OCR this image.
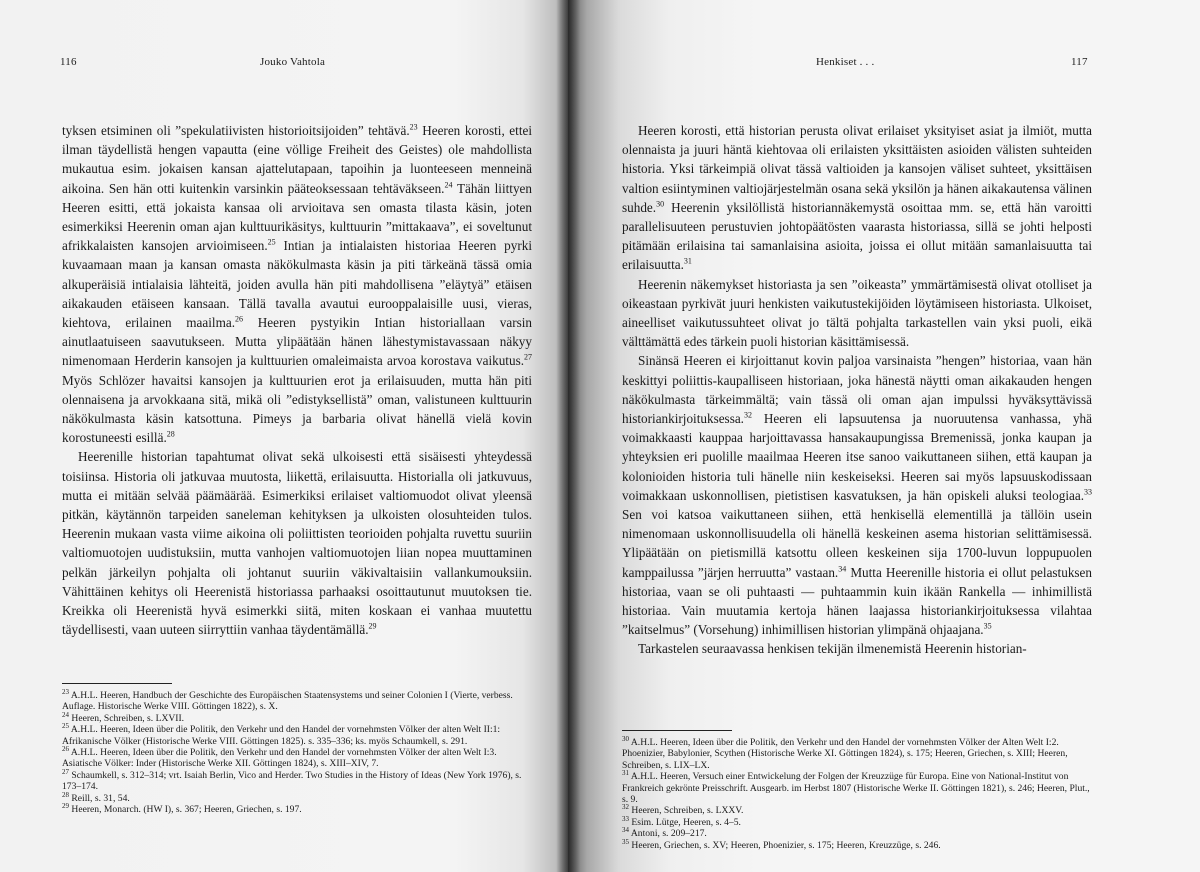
116	Jouko Vahtola

tyksen etsiminen oli ”spekulatiivisten historioitsijoiden” tehtävä.$^{23}$ Heeren korosti, ettei ilman täydellistä hengen vapautta (eine völlige Freiheit des Geistes) ole mahdollista mukautua esim. jokaisen kansan ajattelutapaan, tapoihin ja luonteeseen menneinä aikoina. Sen hän otti kuitenkin varsinkin pääteoksessaan tehtäväkseen.$^{24}$ Tähän liittyen Heeren esitti, että jokaista kansaa oli arvioitava sen omasta tilasta käsin, joten esimerkiksi Heerenin oman ajan kulttuurikäsitys, kulttuurin ”mittakaava”, ei soveltunut afrikkalaisten kansojen arvioimiseen.$^{25}$ Intian ja intialaisten historiaa Heeren pyrki kuvaamaan maan ja kansan omasta näkökulmasta käsin ja piti tärkeänä tässä omia alkuperäisiä intialaisia lähteitä, joiden avulla hän piti mahdollisena ”eläytyä” etäisen aikakauden etäiseen kansaan. Tällä tavalla avautui eurooppalaisille uusi, vieras, kiehtova, erilainen maailma.$^{26}$ Heeren pystyikin Intian historiallaan varsin ainutlaatuiseen saavutukseen. Mutta ylipäätään hänen lähestymistavassaan näkyy nimenomaan Herderin kansojen ja kulttuurien omaleimaista arvoa korostava vaikutus.$^{27}$ Myös Schlözer havaitsi kansojen ja kulttuurien erot ja erilaisuuden, mutta hän piti olennaisena ja arvokkaana sitä, mikä oli ”edistyksellistä” oman, valistuneen kulttuurin näkökulmasta käsin katsottuna. Pimeys ja barbaria olivat hänellä vielä kovin korostuneesti esillä.$^{28}$

Heerenille historian tapahtumat olivat sekä ulkoisesti että sisäisesti yhteydessä toisiinsa. Historia oli jatkuvaa muutosta, liikettä, erilaisuutta. Historialla oli jatkuvuus, mutta ei mitään selvää päämäärää. Esimerkiksi erilaiset valtiomuodot olivat yleensä pitkän, käytännön tarpeiden saneleman kehityksen ja ulkoisten olosuhteiden tulos. Heerenin mukaan vasta viime aikoina oli poliittisten teorioiden pohjalta ruvettu suuriin valtiomuotojen uudistuksiin, mutta vanhojen valtiomuotojen liian nopea muuttaminen pelkän järkeilyn pohjalta oli johtanut suuriin väkivaltaisiin vallankumouksiin. Vähittäinen kehitys oli Heerenistä historiassa parhaaksi osoittautunut muutoksen tie. Kreikka oli Heerenistä hyvä esimerkki siitä, miten koskaan ei vanhaa muutettu täydellisesti, vaan uuteen siirryttiin vanhaa täydentämällä.$^{29}$

$^{23}$ A.H.L. Heeren, Handbuch der Geschichte des Europäischen Staatensystems und seiner Colonien I (Vierte, verbess. Auflage. Historische Werke VIII. Göttingen 1822), s. X.

$^{24}$ Heeren, Schreiben, s. LXVII.

$^{25}$ A.H.L. Heeren, Ideen über die Politik, den Verkehr und den Handel der vornehmsten Völker der alten Welt II:1: Afrikanische Völker (Historische Werke VIII. Göttingen 1825). s. 335–336; ks. myös Schaumkell, s. 291.

$^{26}$ A.H.L. Heeren, Ideen über die Politik, den Verkehr und den Handel der vornehmsten Völker der alten Welt I:3. Asiatische Völker: Inder (Historische Werke XII. Göttingen 1824), s. XIII–XIV, 7.

$^{27}$ Schaumkell, s. 312–314; vrt. Isaiah Berlin, Vico and Herder. Two Studies in the History of Ideas (New York 1976), s. 173–174.

$^{28}$ Reill, s. 31, 54.

$^{29}$ Heeren, Monarch. (HW I), s. 367; Heeren, Griechen, s. 197.

Henkiset . . .	117

Heeren korosti, että historian perusta olivat erilaiset yksityiset asiat ja ilmiöt, mutta olennaista ja juuri häntä kiehtovaa oli erilaisten yksittäisten asioiden välisten suhteiden historia. Yksi tärkeimpiä olivat tässä valtioiden ja kansojen väliset suhteet, yksittäisen valtion esiintyminen valtiojärjestelmän osana sekä yksilön ja hänen aikakautensa välinen suhde.$^{30}$ Heerenin yksilöllistä historiannäkemystä osoittaa mm. se, että hän varoitti parallelisuuteen perustuvien johtopäätösten vaarasta historiassa, sillä se johti helposti pitämään erilaisina tai samanlaisina asioita, joissa ei ollut mitään samanlaisuutta tai erilaisuutta.$^{31}$

Heerenin näkemykset historiasta ja sen ”oikeasta” ymmärtämisestä olivat otolliset ja oikeastaan pyrkivät juuri henkisten vaikutustekijöiden löytämiseen historiasta. Ulkoiset, aineelliset vaikutussuhteet olivat jo tältä pohjalta tarkastellen vain yksi puoli, eikä välttämättä edes tärkein puoli historian käsittämisessä.

Sinänsä Heeren ei kirjoittanut kovin paljoa varsinaista ”hengen” historiaa, vaan hän keskittyi poliittis-kaupalliseen historiaan, joka hänestä näytti oman aikakauden hengen näkökulmasta tärkeimmältä; vain tässä oli oman ajan impulssi hyväksyttävissä historiankirjoituksessa.$^{32}$ Heeren eli lapsuutensa ja nuoruutensa vanhassa, yhä voimakkaasti kauppaa harjoittavassa hansakaupungissa Bremenissä, jonka kaupan ja yhteyksien eri puolille maailmaa Heeren itse sanoo vaikuttaneen siihen, että kaupan ja kolonioiden historia tuli hänelle niin keskeiseksi. Heeren sai myös lapsuuskodissaan voimakkaan uskonnollisen, pietistisen kasvatuksen, ja hän opiskeli aluksi teologiaa.$^{33}$ Sen voi katsoa vaikuttaneen siihen, että henkisellä elementillä ja tällöin usein nimenomaan uskonnollisuudella oli hänellä keskeinen asema historian selittämisessä. Ylipäätään on pietismillä katsottu olleen keskeinen sija 1700-luvun loppupuolen kamppailussa ”järjen herruutta” vastaan.$^{34}$ Mutta Heerenille historia ei ollut pelastuksen historiaa, vaan se oli puhtaasti — puhtaammin kuin ikään Rankella — inhimillistä historiaa. Vain muutamia kertoja hänen laajassa historiankirjoituksessa vilahtaa ”kaitselmus” (Vorsehung) inhimillisen historian ylimpänä ohjaajana.$^{35}$

Tarkastelen seuraavassa henkisen tekijän ilmenemistä Heerenin historian-

$^{30}$ A.H.L. Heeren, Ideen über die Politik, den Verkehr und den Handel der vornehmsten Völker der Alten Welt I:2. Phoenizier, Babylonier, Scythen (Historische Werke XI. Göttingen 1824), s. 175; Heeren, Griechen, s. XIII; Heeren, Schreiben, s. LIX–LX.

$^{31}$ A.H.L. Heeren, Versuch einer Entwickelung der Folgen der Kreuzzüge für Europa. Eine von National-Institut von Frankreich gekrönte Preisschrift. Ausgearb. im Herbst 1807 (Historische Werke II. Göttingen 1821), s. 246; Heeren, Plut., s. 9.

$^{32}$ Heeren, Schreiben, s. LXXV.

$^{33}$ Esim. Lütge, Heeren, s. 4–5.

$^{34}$ Antoni, s. 209–217.

$^{35}$ Heeren, Griechen, s. XV; Heeren, Phoenizier, s. 175; Heeren, Kreuzzüge, s. 246.
